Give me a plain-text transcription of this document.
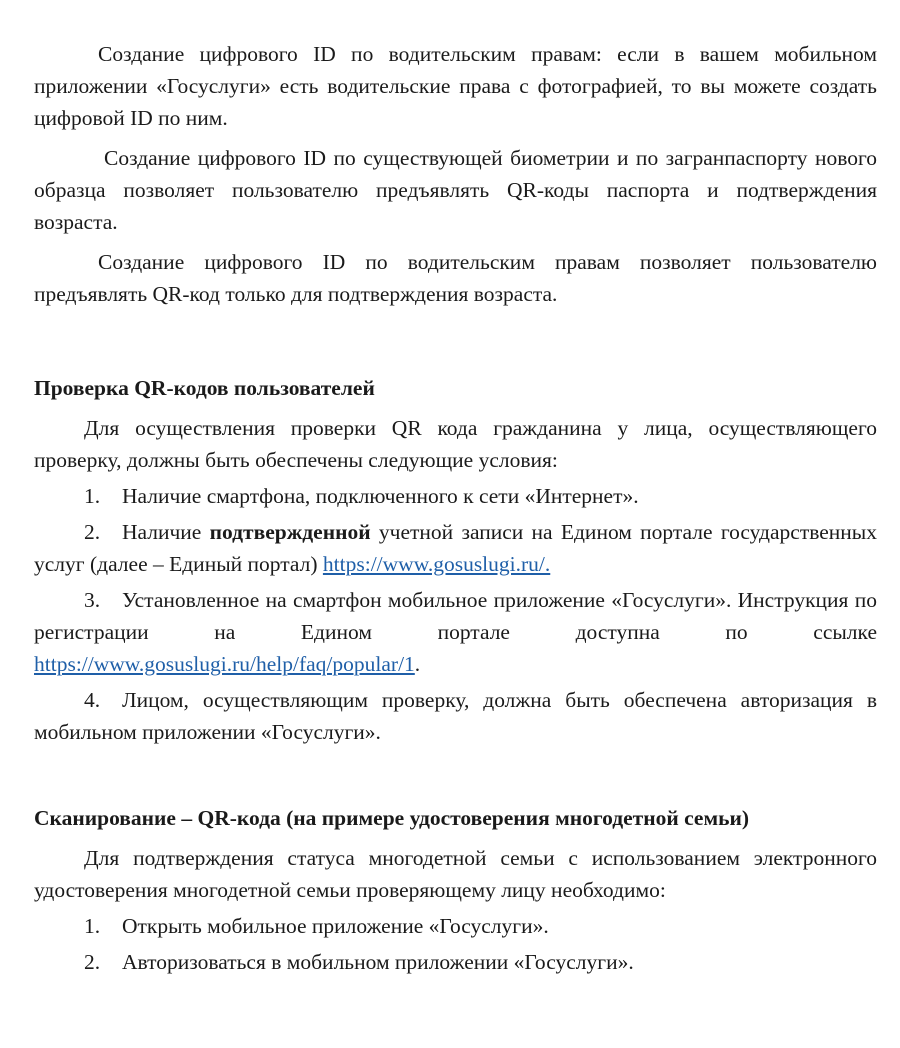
Создание цифрового ID по водительским правам: если в вашем мобильном приложении «Госуслуги» есть водительские права с фотографией, то вы можете создать цифровой ID по ним.

Создание цифрового ID по существующей биометрии и по загранпаспорту нового образца позволяет пользователю предъявлять QR-коды паспорта и подтверждения возраста.

Создание цифрового ID по водительским правам позволяет пользователю предъявлять QR-код только для подтверждения возраста.

Проверка QR-кодов пользователей

Для осуществления проверки QR кода гражданина у лица, осуществляющего проверку, должны быть обеспечены следующие условия:

1. Наличие смартфона, подключенного к сети «Интернет».

2. Наличие подтвержденной учетной записи на Едином портале государственных услуг (далее – Единый портал) https://www.gosuslugi.ru/.

3. Установленное на смартфон мобильное приложение «Госуслуги». Инструкция по регистрации на Едином портале доступна по ссылке https://www.gosuslugi.ru/help/faq/popular/1.

4. Лицом, осуществляющим проверку, должна быть обеспечена авторизация в мобильном приложении «Госуслуги».

Сканирование – QR-кода (на примере удостоверения многодетной семьи)

Для подтверждения статуса многодетной семьи с использованием электронного удостоверения многодетной семьи проверяющему лицу необходимо:

1. Открыть мобильное приложение «Госуслуги».

2. Авторизоваться в мобильном приложении «Госуслуги».
